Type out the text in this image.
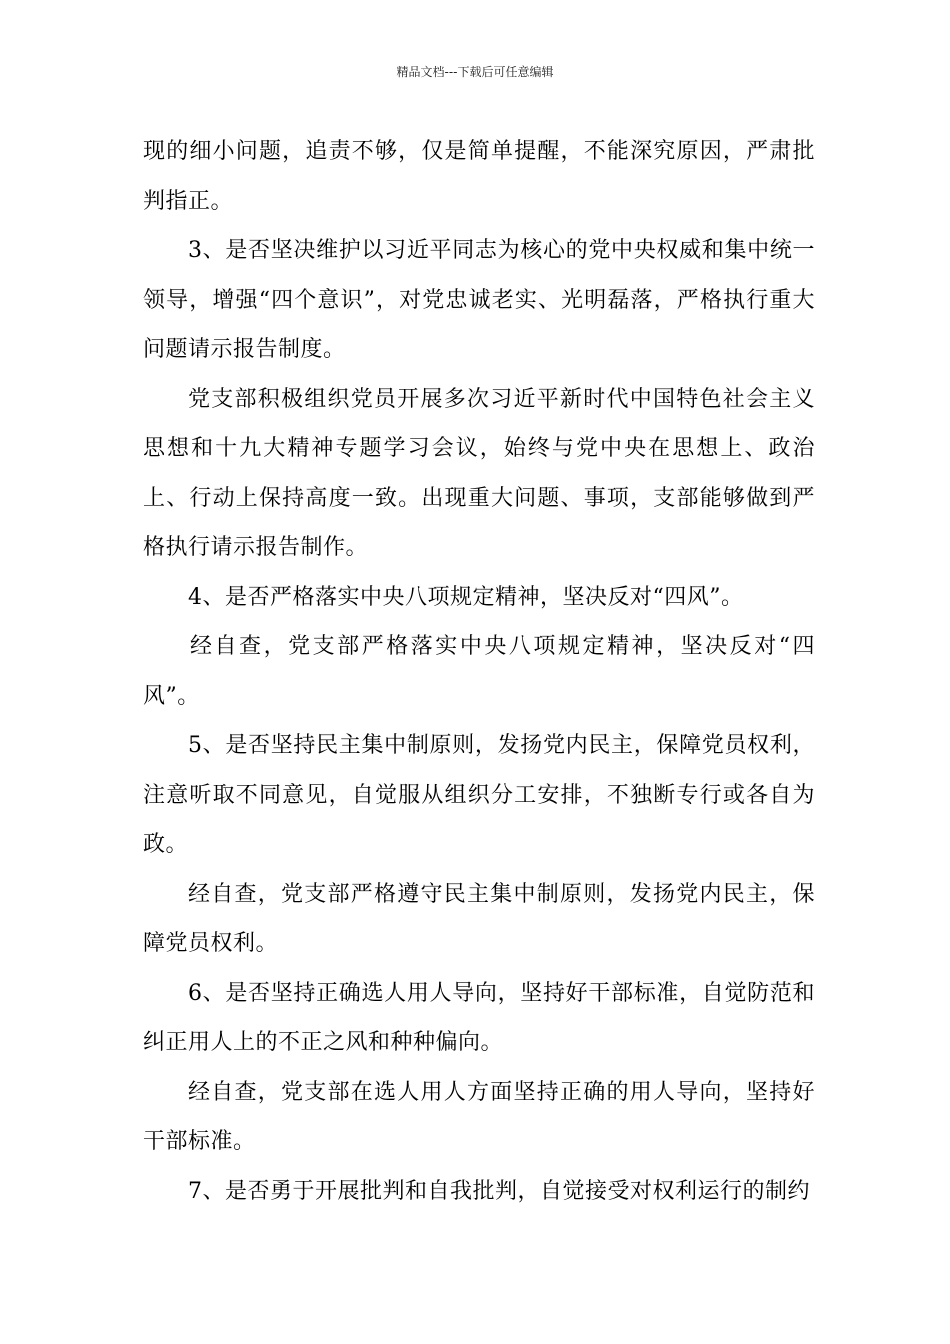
精品文档---下载后可任意编辑

现的细小问题，追责不够，仅是简单提醒，不能深究原因，严肃批判指正。

3、是否坚决维护以习近平同志为核心的党中央权威和集中统一领导，增强“四个意识”，对党忠诚老实、光明磊落，严格执行重大问题请示报告制度。

党支部积极组织党员开展多次习近平新时代中国特色社会主义思想和十九大精神专题学习会议，始终与党中央在思想上、政治上、行动上保持高度一致。出现重大问题、事项，支部能够做到严格执行请示报告制作。

4、是否严格落实中央八项规定精神，坚决反对“四风”。

经自查，党支部严格落实中央八项规定精神，坚决反对“四风”。

5、是否坚持民主集中制原则，发扬党内民主，保障党员权利，注意听取不同意见，自觉服从组织分工安排，不独断专行或各自为政。

经自查，党支部严格遵守民主集中制原则，发扬党内民主，保障党员权利。

6、是否坚持正确选人用人导向，坚持好干部标准，自觉防范和纠正用人上的不正之风和种种偏向。

经自查，党支部在选人用人方面坚持正确的用人导向，坚持好干部标准。

7、是否勇于开展批判和自我批判，自觉接受对权利运行的制约
